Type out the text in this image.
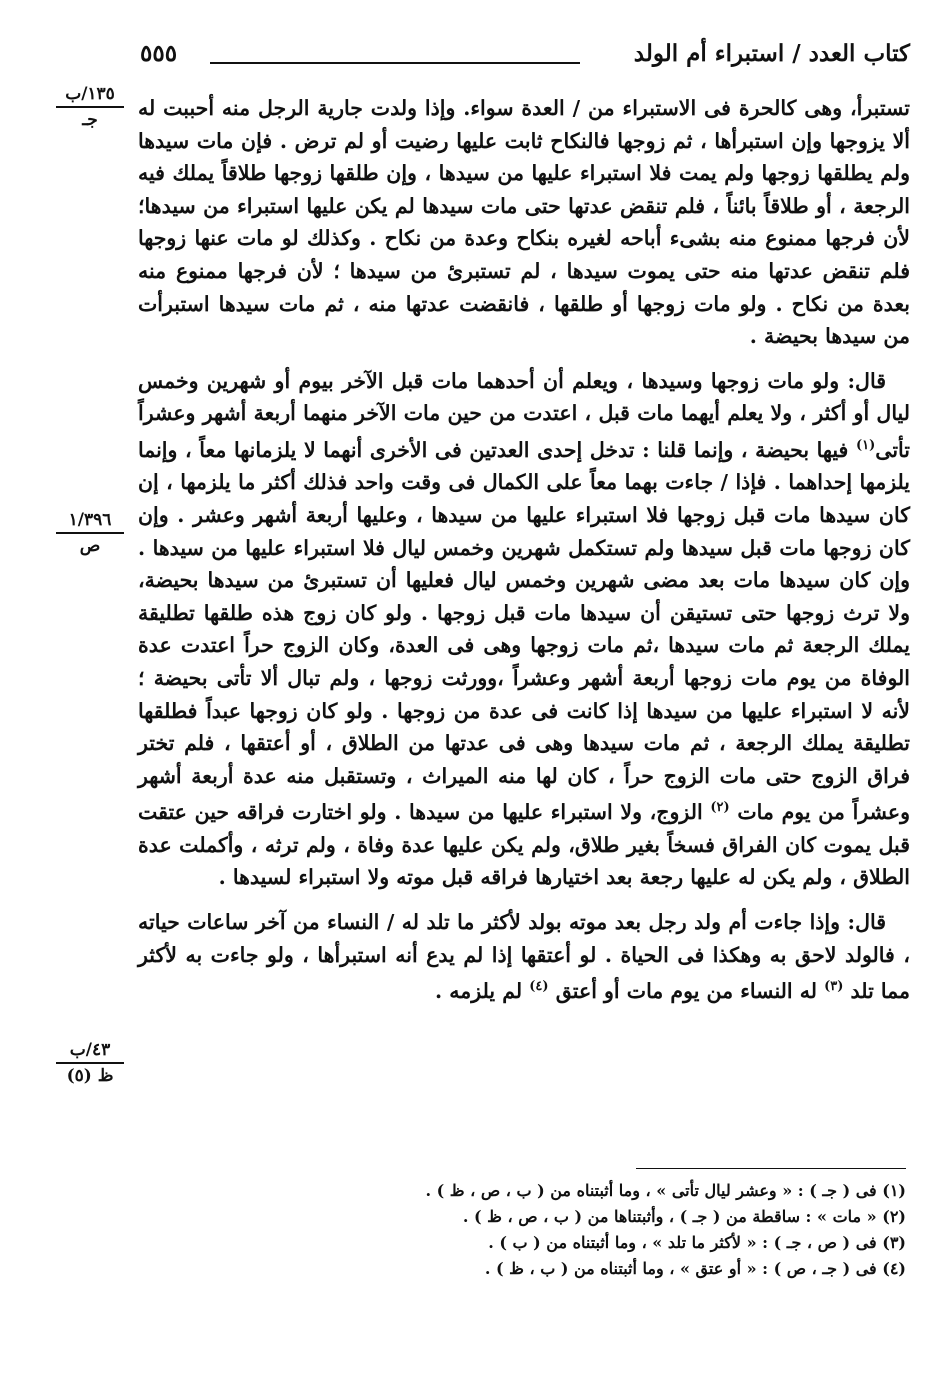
كتاب العدد / استبراء أم الولد
٥٥٥
١٣٥/ب
جـ
١/٣٩٦
ص
٤٣/ب
ظ (٥)

تستبرأ، وهى كالحرة فى الاستبراء من / العدة سواء. وإذا ولدت جارية الرجل منه أحببت له ألا يزوجها وإن استبرأها ، ثم زوجها فالنكاح ثابت عليها رضيت أو لم ترض . فإن مات سيدها ولم يطلقها زوجها ولم يمت فلا استبراء عليها من سيدها ، وإن طلقها زوجها طلاقاً يملك فيه الرجعة ، أو طلاقاً بائناً ، فلم تنقض عدتها حتى مات سيدها لم يكن عليها استبراء من سيدها؛ لأن فرجها ممنوع منه بشىء أباحه لغيره بنكاح وعدة من نكاح . وكذلك لو مات عنها زوجها فلم تنقض عدتها منه حتى يموت سيدها ، لم تستبرئ من سيدها ؛ لأن فرجها ممنوع منه بعدة من نكاح . ولو مات زوجها أو طلقها ، فانقضت عدتها منه ، ثم مات سيدها استبرأت من سيدها بحيضة .

قال: ولو مات زوجها وسيدها ، ويعلم أن أحدهما مات قبل الآخر بيوم أو شهرين وخمس ليال أو أكثر ، ولا يعلم أيهما مات قبل ، اعتدت من حين مات الآخر منهما أربعة أشهر وعشراً تأتى$^{(١)}$ فيها بحيضة ، وإنما قلنا : تدخل إحدى العدتين فى الأخرى أنهما لا يلزمانها معاً ، وإنما يلزمها إحداهما . فإذا / جاءت بهما معاً على الكمال فى وقت واحد فذلك أكثر ما يلزمها ، إن كان سيدها مات قبل زوجها فلا استبراء عليها من سيدها ، وعليها أربعة أشهر وعشر . وإن كان زوجها مات قبل سيدها ولم تستكمل شهرين وخمس ليال فلا استبراء عليها من سيدها . وإن كان سيدها مات بعد مضى شهرين وخمس ليال فعليها أن تستبرئ من سيدها بحيضة، ولا ترث زوجها حتى تستيقن أن سيدها مات قبل زوجها . ولو كان زوج هذه طلقها تطليقة يملك الرجعة ثم مات سيدها ،ثم مات زوجها وهى فى العدة، وكان الزوج حراً اعتدت عدة الوفاة من يوم مات زوجها أربعة أشهر وعشراً ،وورثت زوجها ، ولم تبال ألا تأتى بحيضة ؛ لأنه لا استبراء عليها من سيدها إذا كانت فى عدة من زوجها . ولو كان زوجها عبداً فطلقها تطليقة يملك الرجعة ، ثم مات سيدها وهى فى عدتها من الطلاق ، أو أعتقها ، فلم تختر فراق الزوج حتى مات الزوج حراً ، كان لها منه الميراث ، وتستقبل منه عدة أربعة أشهر وعشراً من يوم مات $^{(٢)}$ الزوج، ولا استبراء عليها من سيدها . ولو اختارت فراقه حين عتقت قبل يموت كان الفراق فسخاً بغير طلاق، ولم يكن عليها عدة وفاة ، ولم ترثه ، وأكملت عدة الطلاق ، ولم يكن له عليها رجعة بعد اختيارها فراقه قبل موته ولا استبراء لسيدها .

قال: وإذا جاءت أم ولد رجل بعد موته بولد لأكثر ما تلد له / النساء من آخر ساعات حياته ، فالولد لاحق به وهكذا فى الحياة . لو أعتقها إذا لم يدع أنه استبرأها ، ولو جاءت به لأكثر مما تلد $^{(٣)}$ له النساء من يوم مات أو أعتق $^{(٤)}$ لم يلزمه .

(١) فى ( جـ ) : « وعشر ليال تأتى » ، وما أثبتناه من ( ب ، ص ، ظ ) .
(٢) « مات » : ساقطة من ( جـ ) ، وأثبتناها من ( ب ، ص ، ظ ) .
(٣) فى ( ص ، جـ ) : « لأكثر ما تلد » ، وما أثبتناه من ( ب ) .
(٤) فى ( جـ ، ص ) : « أو عتق » ، وما أثبتناه من ( ب ، ظ ) .
